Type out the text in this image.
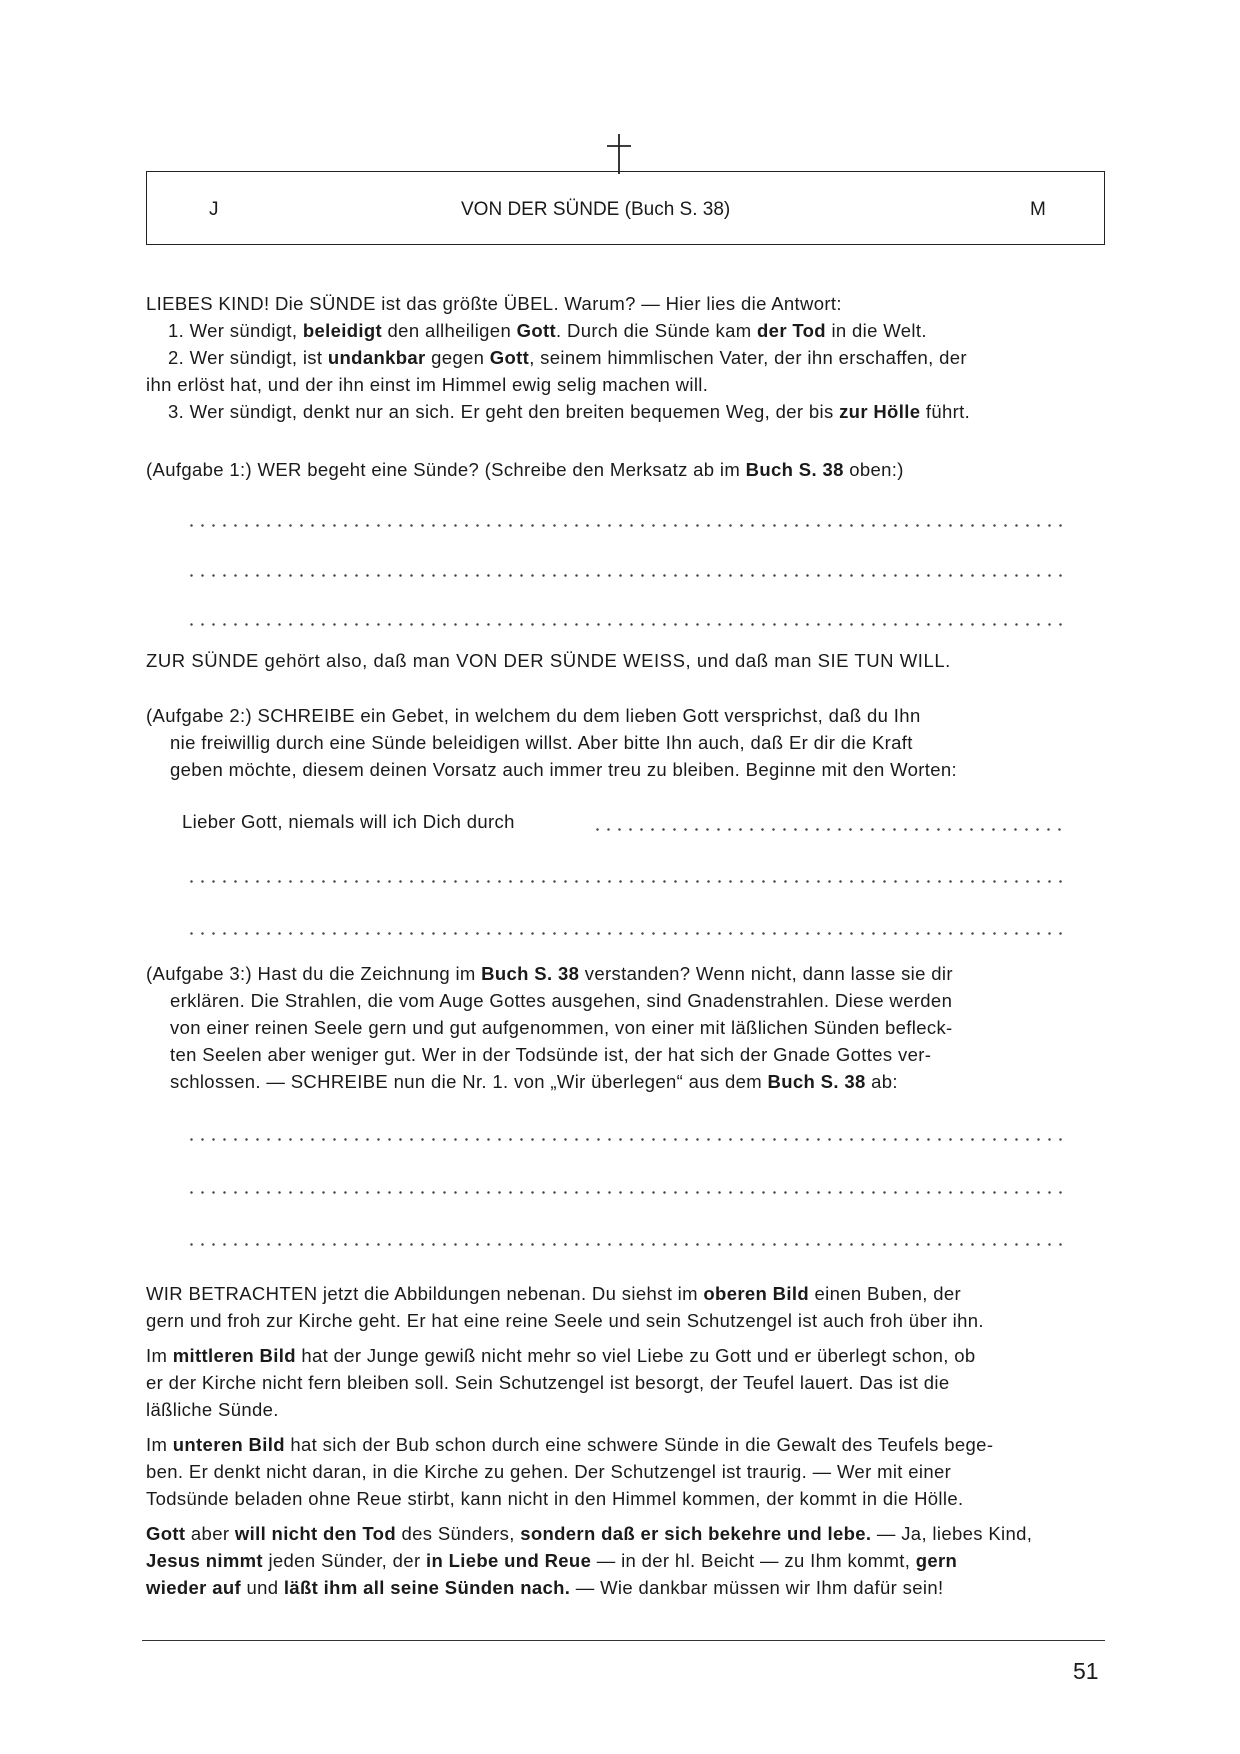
J	VON DER SÜNDE (Buch S. 38)	M
LIEBES KIND! Die SÜNDE ist das größte ÜBEL. Warum? — Hier lies die Antwort:
1. Wer sündigt, beleidigt den allheiligen Gott. Durch die Sünde kam der Tod in die Welt.
2. Wer sündigt, ist undankbar gegen Gott, seinem himmlischen Vater, der ihn erschaffen, der
ihn erlöst hat, und der ihn einst im Himmel ewig selig machen will.
3. Wer sündigt, denkt nur an sich. Er geht den breiten bequemen Weg, der bis zur Hölle führt.
(Aufgabe 1:) WER begeht eine Sünde? (Schreibe den Merksatz ab im Buch S. 38 oben:)
ZUR SÜNDE gehört also, daß man VON DER SÜNDE WEISS, und daß man SIE TUN WILL.
(Aufgabe 2:) SCHREIBE ein Gebet, in welchem du dem lieben Gott versprichst, daß du Ihn
nie freiwillig durch eine Sünde beleidigen willst. Aber bitte Ihn auch, daß Er dir die Kraft
geben möchte, diesem deinen Vorsatz auch immer treu zu bleiben. Beginne mit den Worten:
Lieber Gott, niemals will ich Dich durch
(Aufgabe 3:) Hast du die Zeichnung im Buch S. 38 verstanden? Wenn nicht, dann lasse sie dir
erklären. Die Strahlen, die vom Auge Gottes ausgehen, sind Gnadenstrahlen. Diese werden
von einer reinen Seele gern und gut aufgenommen, von einer mit läßlichen Sünden befleck-
ten Seelen aber weniger gut. Wer in der Todsünde ist, der hat sich der Gnade Gottes ver-
schlossen. — SCHREIBE nun die Nr. 1. von „Wir überlegen“ aus dem Buch S. 38 ab:
WIR BETRACHTEN jetzt die Abbildungen nebenan. Du siehst im oberen Bild einen Buben, der
gern und froh zur Kirche geht. Er hat eine reine Seele und sein Schutzengel ist auch froh über ihn.
Im mittleren Bild hat der Junge gewiß nicht mehr so viel Liebe zu Gott und er überlegt schon, ob
er der Kirche nicht fern bleiben soll. Sein Schutzengel ist besorgt, der Teufel lauert. Das ist die
läßliche Sünde.
Im unteren Bild hat sich der Bub schon durch eine schwere Sünde in die Gewalt des Teufels bege-
ben. Er denkt nicht daran, in die Kirche zu gehen. Der Schutzengel ist traurig. — Wer mit einer
Todsünde beladen ohne Reue stirbt, kann nicht in den Himmel kommen, der kommt in die Hölle.
Gott aber will nicht den Tod des Sünders, sondern daß er sich bekehre und lebe. — Ja, liebes Kind,
Jesus nimmt jeden Sünder, der in Liebe und Reue — in der hl. Beicht — zu Ihm kommt, gern
wieder auf und läßt ihm all seine Sünden nach. — Wie dankbar müssen wir Ihm dafür sein!
51
